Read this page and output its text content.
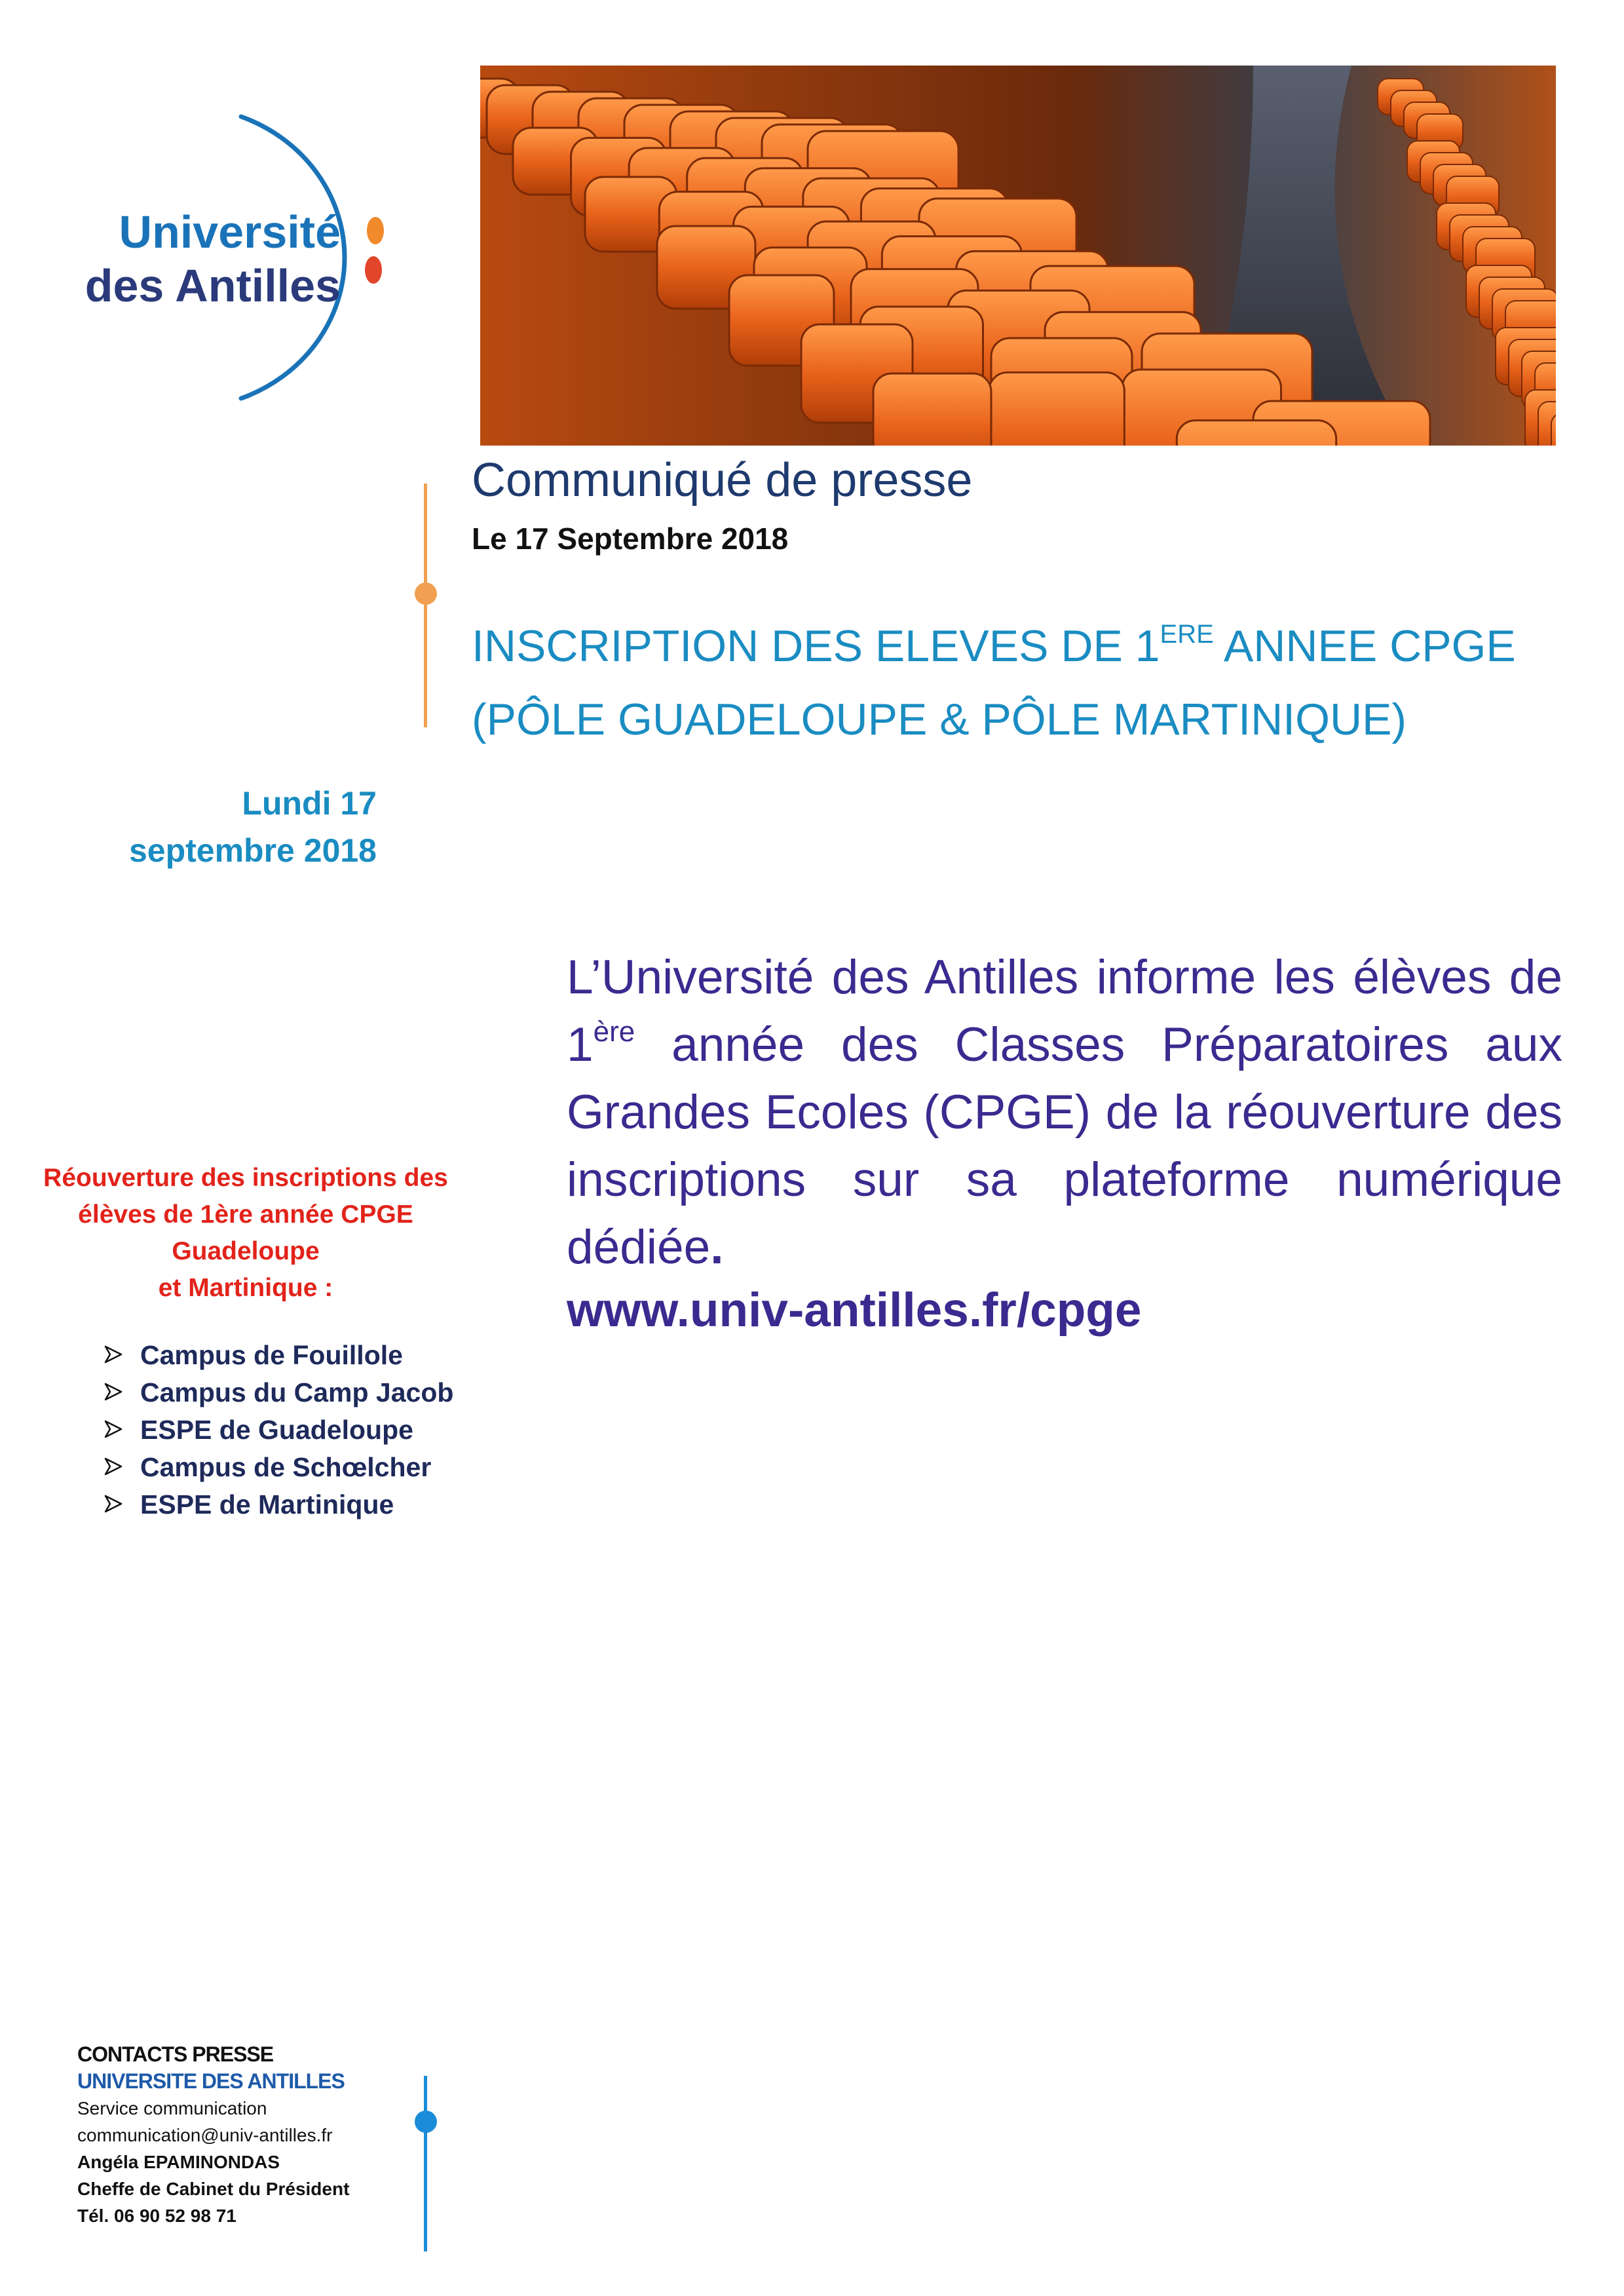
Université
des Antilles
Communiqué de presse
Le 17 Septembre 2018
INSCRIPTION DES ELEVES DE 1ERE ANNEE CPGE
(PÔLE GUADELOUPE & PÔLE MARTINIQUE)
Lundi 17
septembre 2018
Réouverture des inscriptions des
élèves de 1ère année CPGE
Guadeloupe
et Martinique :
Campus de Fouillole
Campus du Camp Jacob
ESPE de Guadeloupe
Campus de Schœlcher
ESPE de Martinique
L’Université des Antilles informe les élèves de 1ère année des Classes Préparatoires aux Grandes Ecoles (CPGE) de la réouverture des inscriptions sur sa plateforme numérique dédiée.
www.univ-antilles.fr/cpge
CONTACTS PRESSE
UNIVERSITE DES ANTILLES
Service communication
communication@univ-antilles.fr
Angéla EPAMINONDAS
Cheffe de Cabinet du Président
Tél. 06 90 52 98 71
